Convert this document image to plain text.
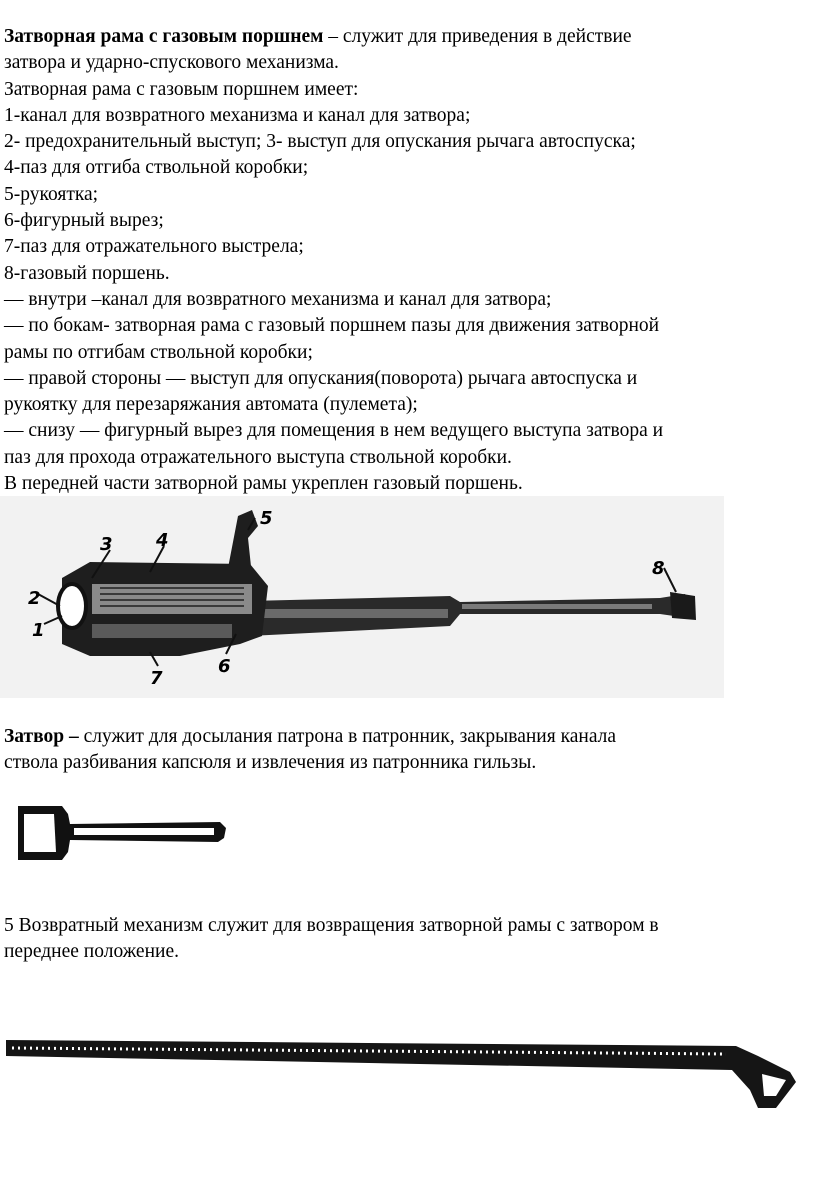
Затворная рама с газовым поршнем – служит для приведения в действие
затвора и ударно-спускового механизма.
Затворная рама с газовым поршнем имеет:
1-канал для возвратного механизма и канал для затвора;
2- предохранительный выступ; 3- выступ для опускания рычага автоспуска;
4-паз для отгиба ствольной коробки;
5-рукоятка;
6-фигурный вырез;
7-паз для отражательного выстрела;
8-газовый поршень.
— внутри –канал для возвратного механизма и канал для затвора;
— по бокам- затворная рама с газовый поршнем пазы для движения затворной
рамы по отгибам ствольной коробки;
— правой стороны — выступ для опускания(поворота) рычага автоспуска и
рукоятку для перезаряжания автомата (пулемета);
— снизу — фигурный вырез для помещения в нем ведущего выступа затвора и
паз для прохода отражательного выступа ствольной коробки.
В передней части затворной рамы укреплен газовый поршень.
3 4
5
2
1
6
7
8
Затвор – служит для досылания патрона в патронник, закрывания канала
ствола разбивания капсюля и извлечения из патронника гильзы.
5 Возвратный механизм служит для возвращения затворной рамы с затвором в
переднее положение.
